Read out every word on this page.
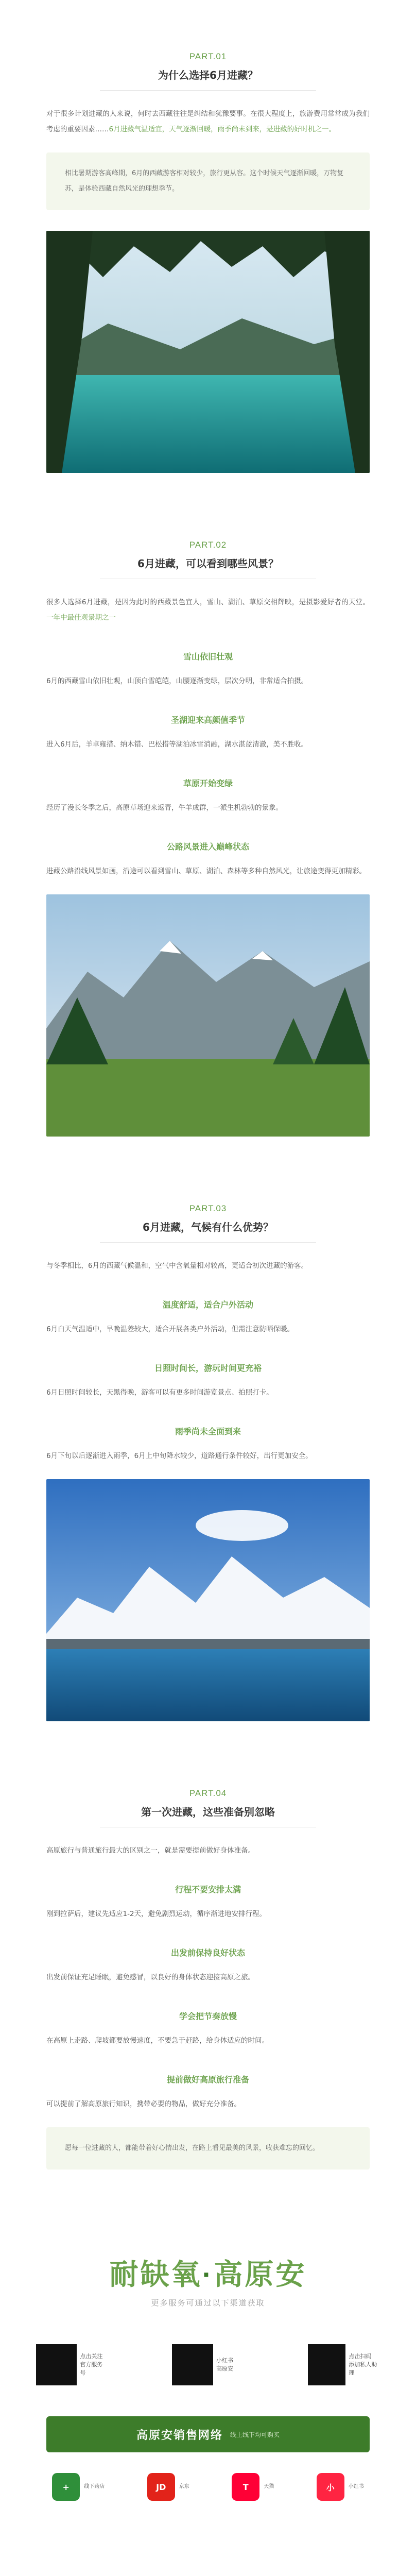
PART.01
为什么选择6月进藏？

对于很多计划进藏的人来说，何时去西藏往往是纠结和犹豫要事。在很大程度上，旅游费用常常成为我们考虑的重要因素……6月进藏气温适宜，天气逐渐回暖，雨季尚未到来，是进藏的好时机之一。

相比暑期游客高峰期，6月的西藏游客相对较少，旅行更从容。这个时候天气逐渐回暖，万物复苏，是体验西藏自然风光的理想季节。
PART.02
6月进藏，可以看到哪些风景？

很多人选择6月进藏，是因为此时的西藏景色宜人，雪山、湖泊、草原交相辉映，是摄影爱好者的天堂。一年中最佳观景期之一

雪山依旧壮观

6月的西藏雪山依旧壮观，山顶白雪皑皑，山腰逐渐变绿，层次分明，非常适合拍摄。

圣湖迎来高颜值季节

进入6月后，羊卓雍措、纳木错、巴松措等湖泊冰雪消融，湖水湛蓝清澈，美不胜收。

草原开始变绿

经历了漫长冬季之后，高原草场迎来返青，牛羊成群，一派生机勃勃的景象。

公路风景进入巅峰状态

进藏公路沿线风景如画，沿途可以看到雪山、草原、湖泊、森林等多种自然风光，让旅途变得更加精彩。

PART.03
6月进藏，气候有什么优势？

与冬季相比，6月的西藏气候温和，空气中含氧量相对较高，更适合初次进藏的游客。

温度舒适，适合户外活动

6月白天气温适中，早晚温差较大，适合开展各类户外活动，但需注意防晒保暖。

日照时间长，游玩时间更充裕

6月日照时间较长，天黑得晚，游客可以有更多时间游览景点、拍照打卡。

雨季尚未全面到来

6月下旬以后逐渐进入雨季，6月上中旬降水较少，道路通行条件较好，出行更加安全。

PART.04
第一次进藏，这些准备别忽略

高原旅行与普通旅行最大的区别之一，就是需要提前做好身体准备。

行程不要安排太满

刚到拉萨后，建议先适应1-2天，避免剧烈运动，循序渐进地安排行程。

出发前保持良好状态

出发前保证充足睡眠，避免感冒，以良好的身体状态迎接高原之旅。

学会把节奏放慢

在高原上走路、爬坡都要放慢速度，不要急于赶路，给身体适应的时间。

提前做好高原旅行准备

可以提前了解高原旅行知识，携带必要的物品，做好充分准备。

愿每一位进藏的人，都能带着好心情出发，在路上看见最美的风景，收获难忘的回忆。
耐缺氧·高原安
更多服务可通过以下渠道获取
点击关注
官方服务号
小红书
高原安
点击扫码
添加私人助理
高原安销售网络 线上线下均可购买
+	线下药店	JD	京东	T	天猫	小	小红书
